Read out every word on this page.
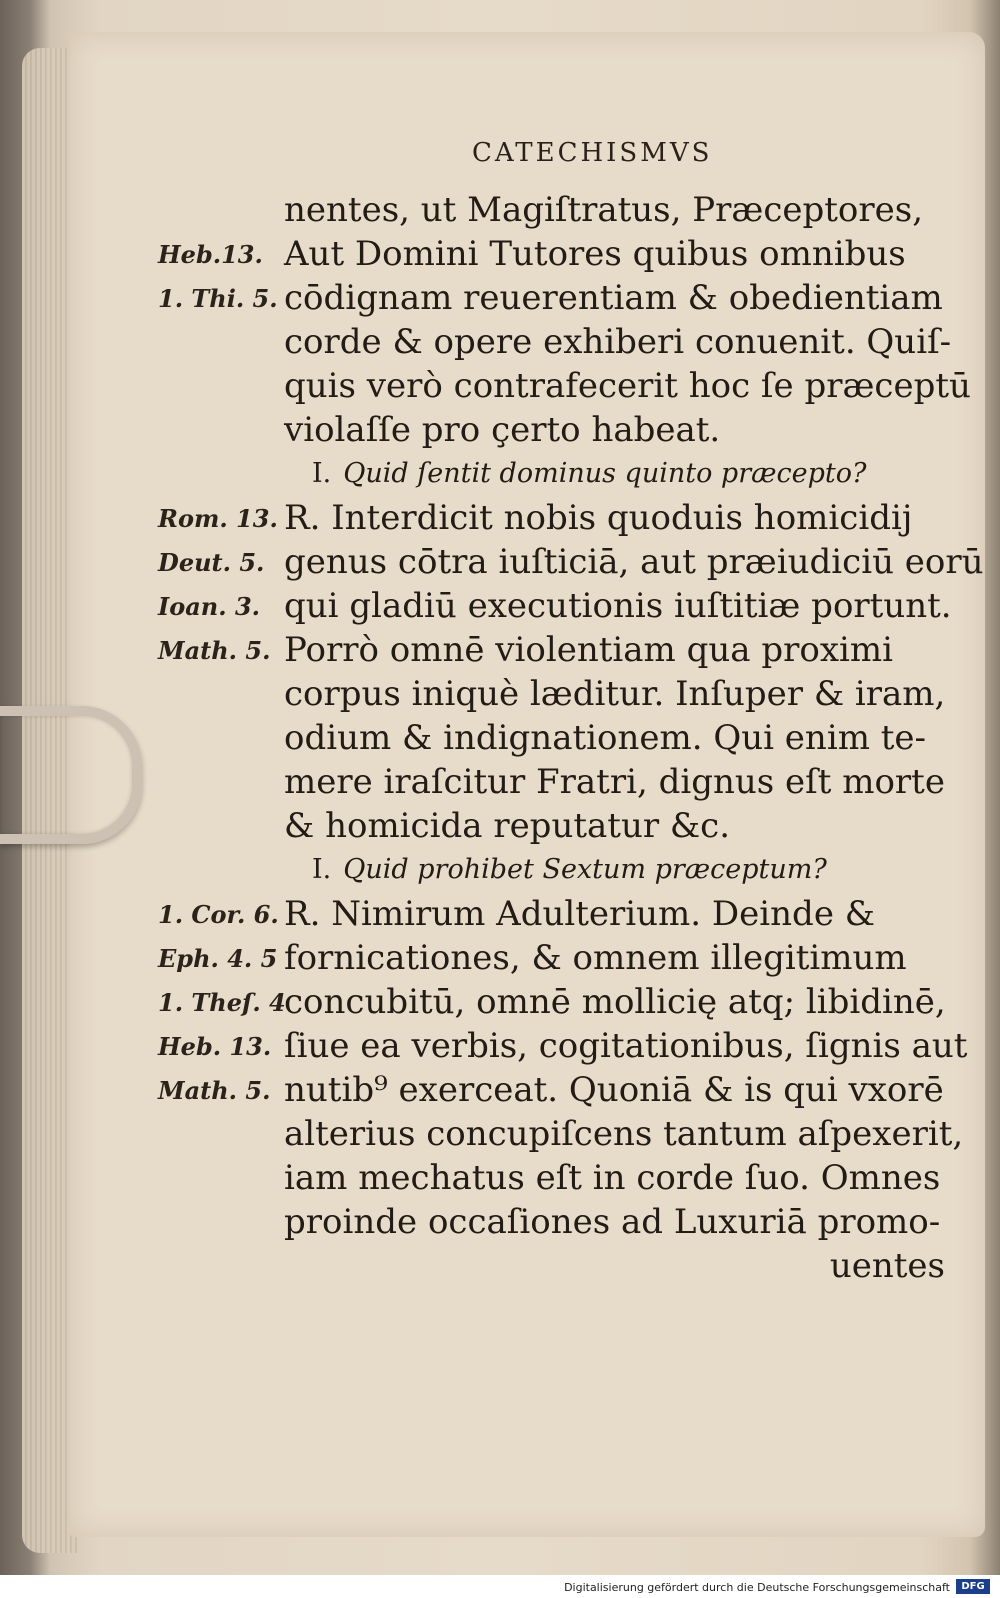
CATECHISMVS
nentes, ut Magiſtratus, Præceptores,
Aut Domini Tutores quibus omnibus
cōdignam reuerentiam & obedientiam
corde & opere exhiberi conuenit. Quiſ-
quis verò contrafecerit hoc ſe præceptū
violaſſe pro çerto habeat.
I. Quid ſentit dominus quinto præcepto?
R. Interdicit nobis quoduis homicidij
genus cōtra iuſticiā, aut præiudiciū eorū
qui gladiū executionis iuſtitiæ portunt.
Porrò omnē violentiam qua proximi
corpus iniquè læditur. Inſuper & iram,
odium & indignationem. Qui enim te-
mere iraſcitur Fratri, dignus eſt morte
& homicida reputatur &c.
I. Quid prohibet Sextum præceptum?
R. Nimirum Adulterium. Deinde &
fornicationes, & omnem illegitimum
concubitū, omnē mollicię atq; libidinē,
ſiue ea verbis, cogitationibus, ſignis aut
nutib⁹ exerceat. Quoniā & is qui vxorē
alterius concupiſcens tantum aſpexerit,
iam mechatus eſt in corde ſuo. Omnes
proinde occaſiones ad Luxuriā promo-
uentes
Heb.13.
1. Thi. 5.
Rom. 13.
Deut. 5.
Ioan. 3.
Math. 5.
1. Cor. 6.
Eph. 4. 5
1. Theſ. 4
Heb. 13.
Math. 5.
Digitalisierung gefördert durch die Deutsche Forschungsgemeinschaft	DFG
